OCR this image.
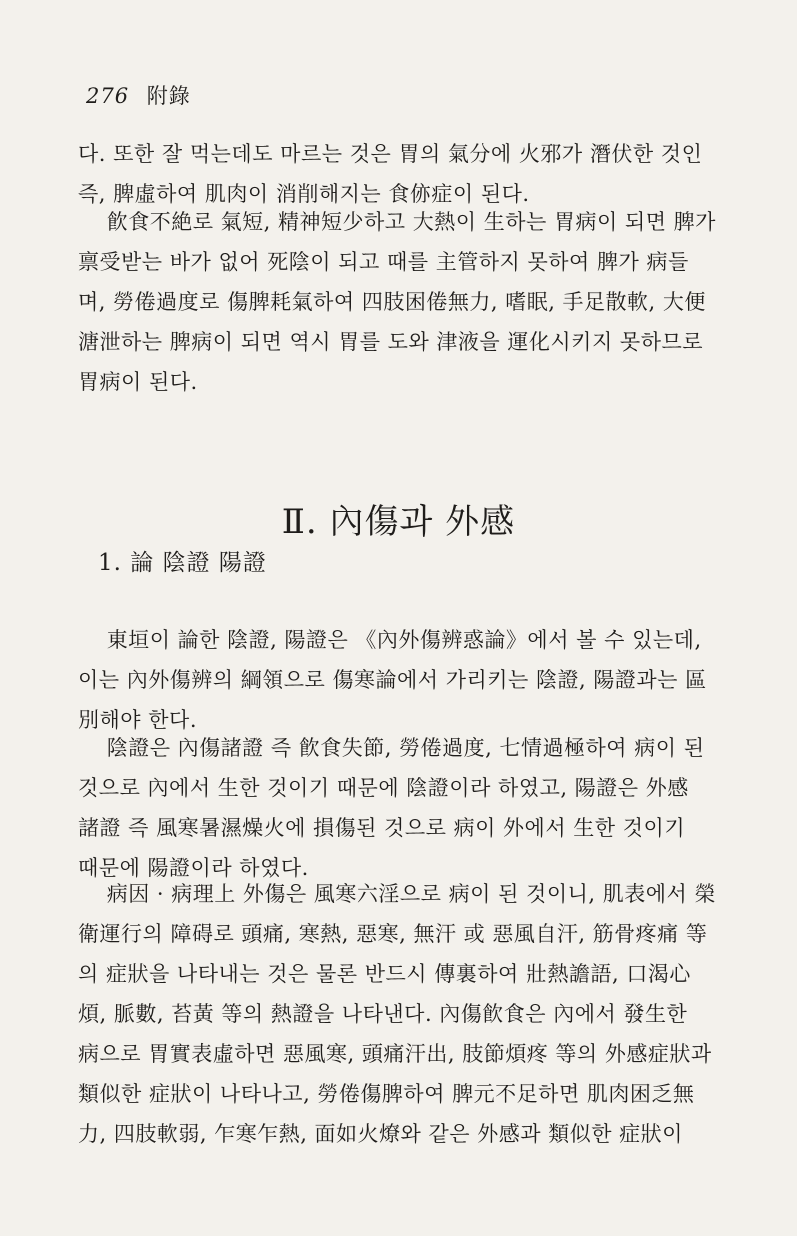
276 附錄
다. 또한 잘 먹는데도 마르는 것은 胃의 氣分에 火邪가 潛伏한 것인
즉, 脾虛하여 肌肉이 消削해지는 食㑊症이 된다.
飮食不絶로 氣短, 精神短少하고 大熱이 生하는 胃病이 되면 脾가
禀受받는 바가 없어 死陰이 되고 때를 主管하지 못하여 脾가 病들
며, 勞倦過度로 傷脾耗氣하여 四肢困倦無力, 嗜眠, 手足散軟, 大便
溏泄하는 脾病이 되면 역시 胃를 도와 津液을 運化시키지 못하므로
胃病이 된다.
Ⅱ. 內傷과 外感
1. 論 陰證 陽證
東垣이 論한 陰證, 陽證은 《內外傷辨惑論》에서 볼 수 있는데,
이는 內外傷辨의 綱領으로 傷寒論에서 가리키는 陰證, 陽證과는 區
別해야 한다.
陰證은 內傷諸證 즉 飮食失節, 勞倦過度, 七情過極하여 病이 된
것으로 內에서 生한 것이기 때문에 陰證이라 하였고, 陽證은 外感
諸證 즉 風寒暑濕燥火에 損傷된 것으로 病이 外에서 生한 것이기
때문에 陽證이라 하였다.
病因 · 病理上 外傷은 風寒六淫으로 病이 된 것이니, 肌表에서 榮
衛運行의 障碍로 頭痛, 寒熱, 惡寒, 無汗 或 惡風自汗, 筋骨疼痛 等
의 症狀을 나타내는 것은 물론 반드시 傳裏하여 壯熱譫語, 口渴心
煩, 脈數, 苔黃 等의 熱證을 나타낸다. 內傷飮食은 內에서 發生한
病으로 胃實表虛하면 惡風寒, 頭痛汗出, 肢節煩疼 等의 外感症狀과
類似한 症狀이 나타나고, 勞倦傷脾하여 脾元不足하면 肌肉困乏無
力, 四肢軟弱, 乍寒乍熱, 面如火燎와 같은 外感과 類似한 症狀이
